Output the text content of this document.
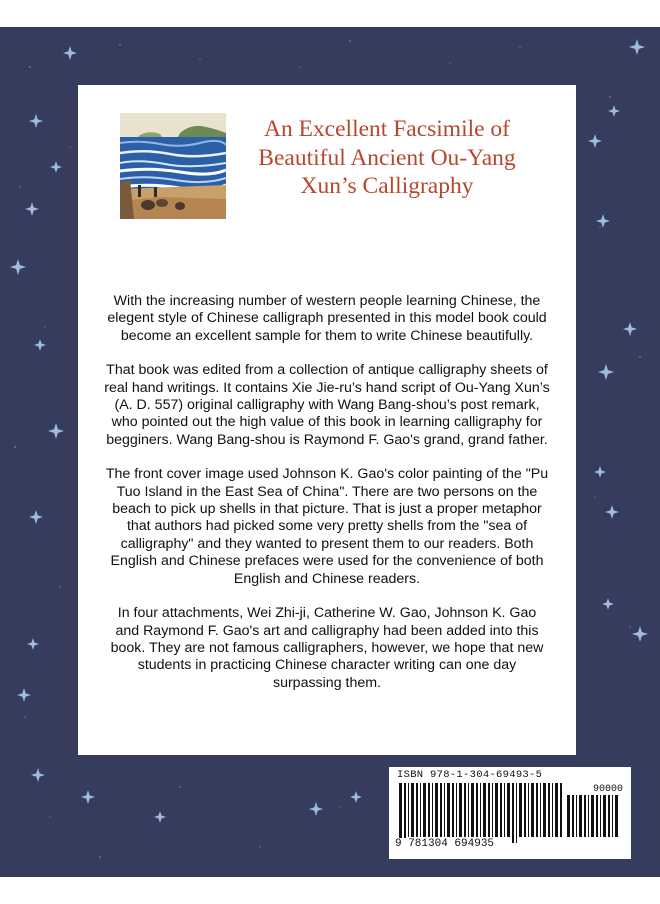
An Excellent Facsimile of Beautiful Ancient Ou-Yang Xun’s Calligraphy

With the increasing number of western people learning Chinese, the elegent style of Chinese calligraph presented in this model book could become an excellent sample for them to write Chinese beautifully.

That book was edited from a collection of antique calligraphy sheets of real hand writings. It contains Xie Jie-ru’s hand script of Ou-Yang Xun’s (A. D. 557) original calligraphy with Wang Bang-shou’s post remark, who pointed out the high value of this book in learning calligraphy for begginers. Wang Bang-shou is Raymond F. Gao's grand, grand father.

The front cover image used Johnson K. Gao's color painting of the "Pu Tuo Island in the East Sea of China". There are two persons on the beach to pick up shells in that picture. That is just a proper metaphor that authors had picked some very pretty shells from the "sea of calligraphy" and they wanted to present them to our readers. Both English and Chinese prefaces were used for the convenience of both English and Chinese readers.

In four attachments, Wei Zhi-ji, Catherine W. Gao, Johnson K. Gao and Raymond F. Gao's art and calligraphy had been added into this book. They are not famous calligraphers, however, we hope that new students in practicing Chinese character writing can one day surpassing them.

ISBN 978-1-304-69493-5
90000
9 781304 694935
